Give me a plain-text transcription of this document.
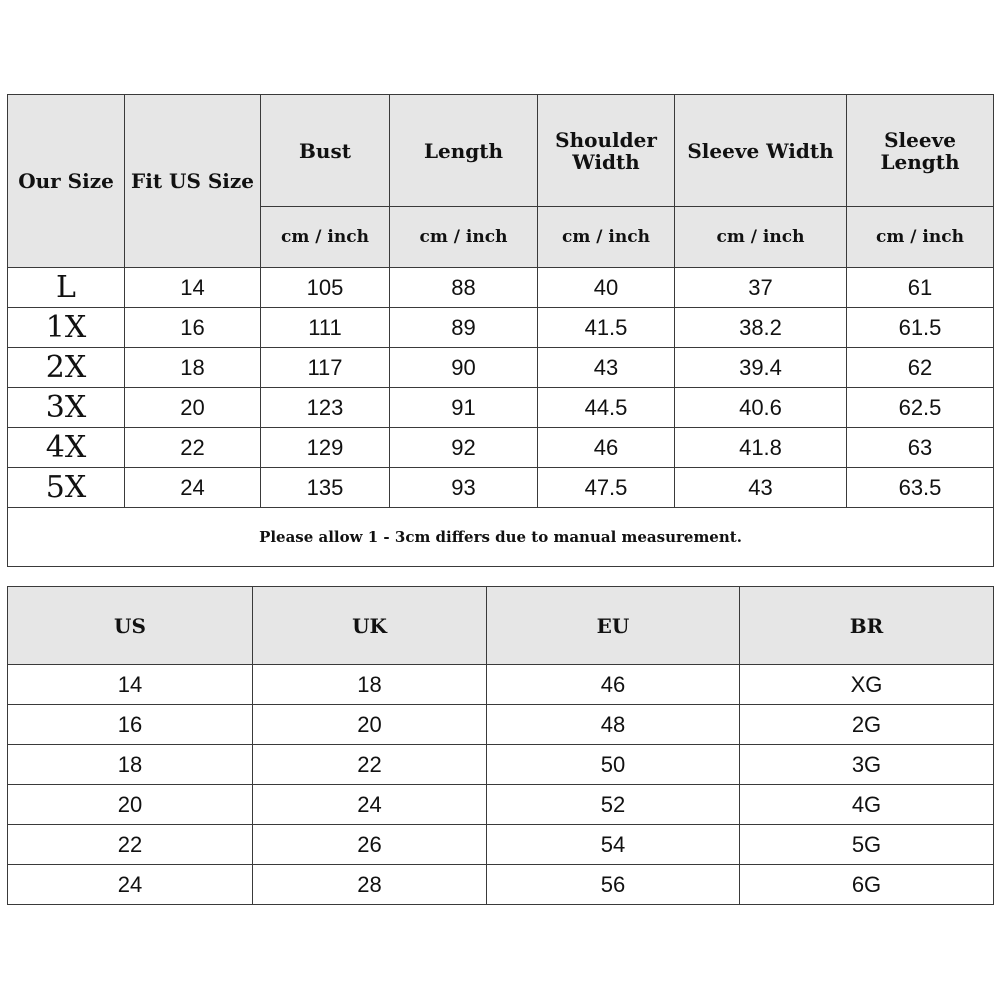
Our Size	Fit US Size	Bust	Length	Shoulder Width	Sleeve Width	Sleeve Length
		cm / inch	cm / inch	cm / inch	cm / inch	cm / inch
L	14	105	88	40	37	61
1X	16	111	89	41.5	38.2	61.5
2X	18	117	90	43	39.4	62
3X	20	123	91	44.5	40.6	62.5
4X	22	129	92	46	41.8	63
5X	24	135	93	47.5	43	63.5
Please allow 1 - 3cm differs due to manual measurement.						
US	UK	EU	BR
14	18	46	XG
16	20	48	2G
18	22	50	3G
20	24	52	4G
22	26	54	5G
24	28	56	6G
